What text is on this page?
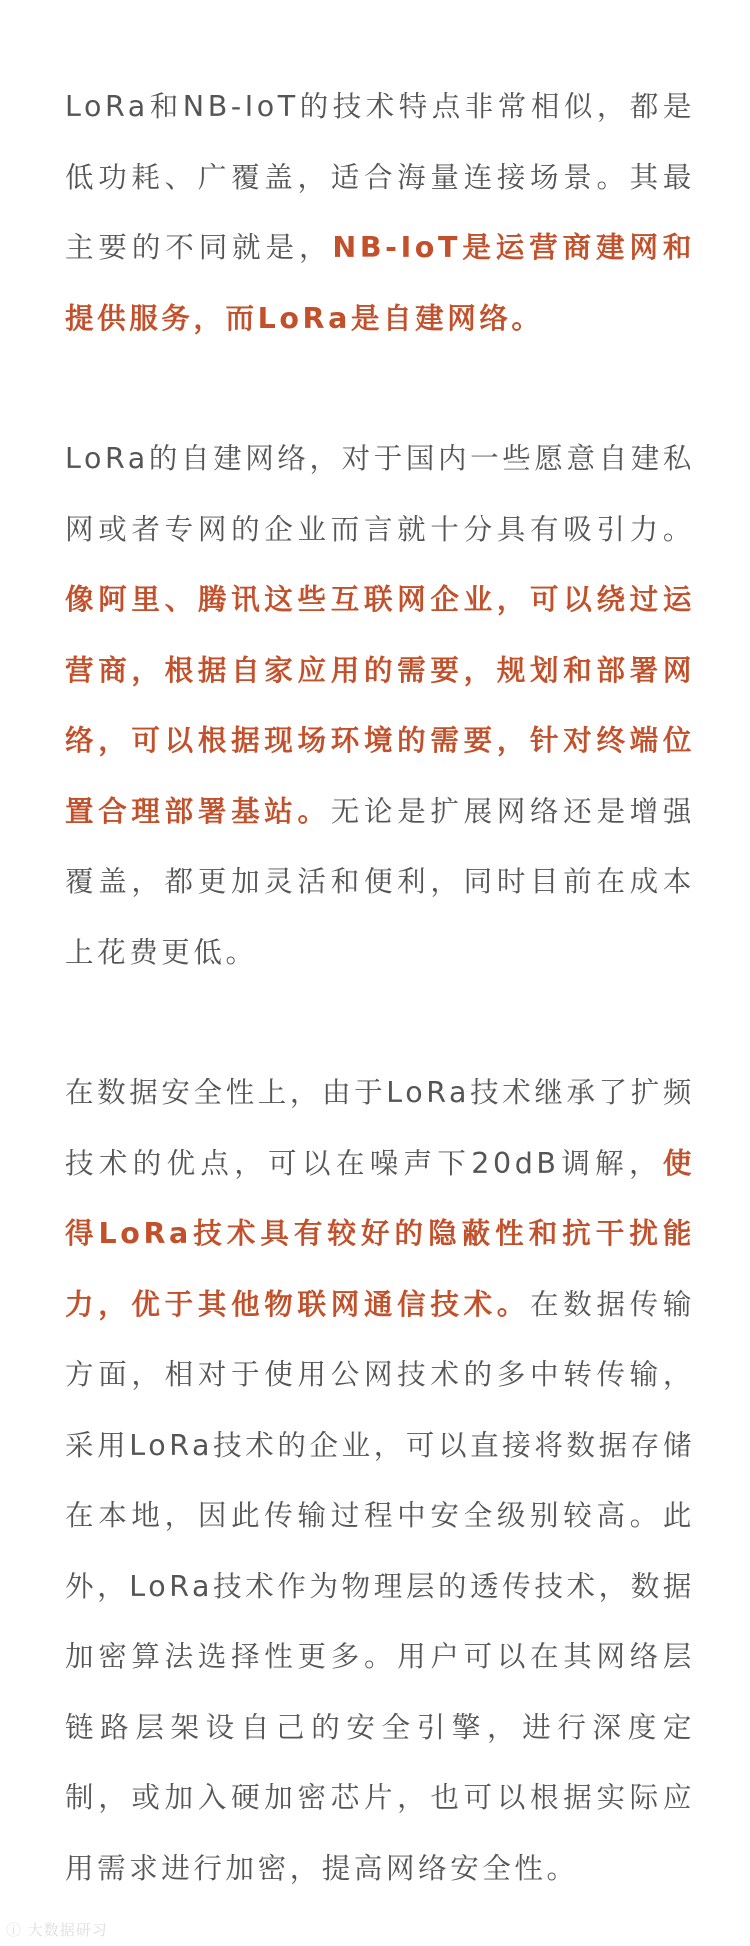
LoRa和NB-IoT的技术特点非常相似，都是低功耗、广覆盖，适合海量连接场景。其最主要的不同就是，NB-IoT是运营商建网和提供服务，而LoRa是自建网络。

LoRa的自建网络，对于国内一些愿意自建私网或者专网的企业而言就十分具有吸引力。像阿里、腾讯这些互联网企业，可以绕过运营商，根据自家应用的需要，规划和部署网络，可以根据现场环境的需要，针对终端位置合理部署基站。无论是扩展网络还是增强覆盖，都更加灵活和便利，同时目前在成本上花费更低。

在数据安全性上，由于LoRa技术继承了扩频技术的优点，可以在噪声下20dB调解，使得LoRa技术具有较好的隐蔽性和抗干扰能力，优于其他物联网通信技术。在数据传输方面，相对于使用公网技术的多中转传输，采用LoRa技术的企业，可以直接将数据存储在本地，因此传输过程中安全级别较高。此外，LoRa技术作为物理层的透传技术，数据加密算法选择性更多。用户可以在其网络层链路层架设自己的安全引擎，进行深度定制，或加入硬加密芯片，也可以根据实际应用需求进行加密，提高网络安全性。

ⓘ 大数据研习
